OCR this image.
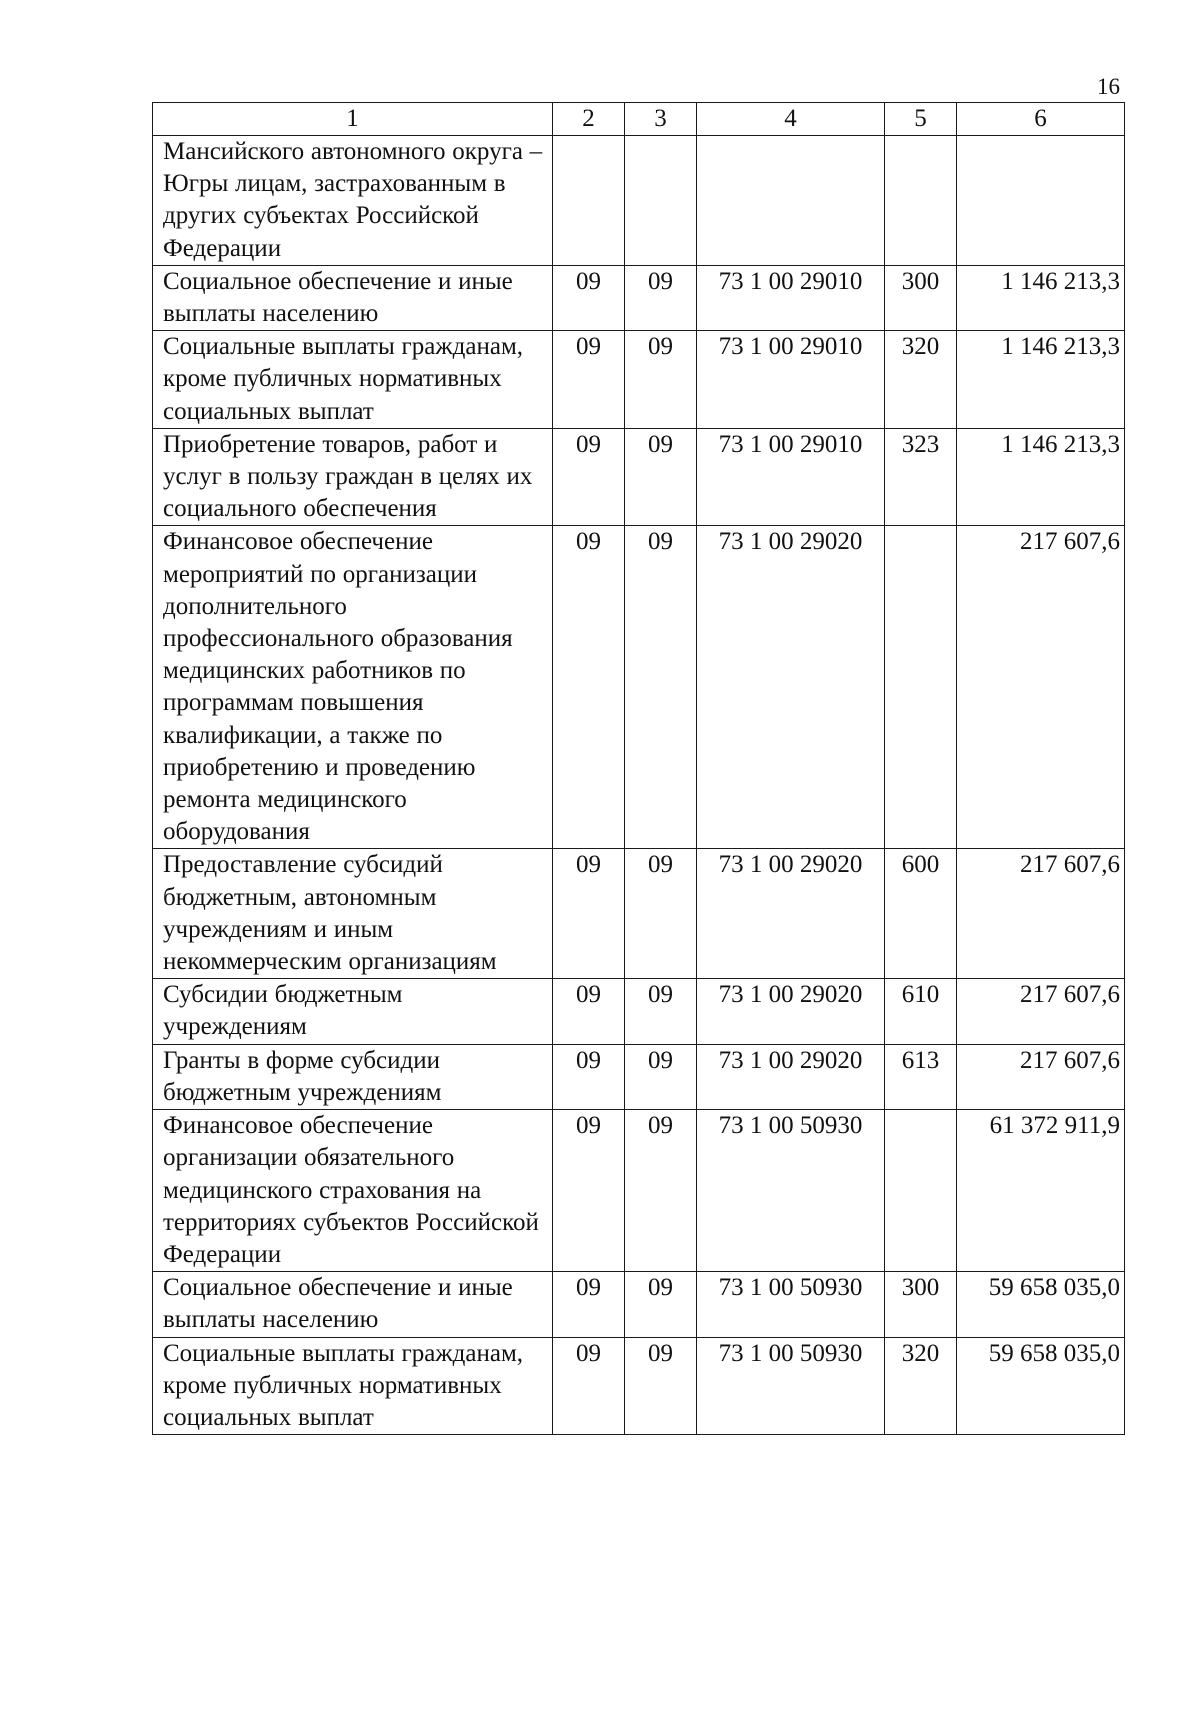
16
1	2	3	4	5	6
Мансийского автономного округа – Югры лицам, застрахованным в других субъектах Российской Федерации					
Социальное обеспечение и иные выплаты населению	09	09	73 1 00 29010	300	1 146 213,3
Социальные выплаты гражданам, кроме публичных нормативных социальных выплат	09	09	73 1 00 29010	320	1 146 213,3
Приобретение товаров, работ и услуг в пользу граждан в целях их социального обеспечения	09	09	73 1 00 29010	323	1 146 213,3
Финансовое обеспечение мероприятий по организации дополнительного профессионального образования медицинских работников по программам повышения квалификации, а также по приобретению и проведению ремонта медицинского оборудования	09	09	73 1 00 29020		217 607,6
Предоставление субсидий бюджетным, автономным учреждениям и иным некоммерческим организациям	09	09	73 1 00 29020	600	217 607,6
Субсидии бюджетным учреждениям	09	09	73 1 00 29020	610	217 607,6
Гранты в форме субсидии бюджетным учреждениям	09	09	73 1 00 29020	613	217 607,6
Финансовое обеспечение организации обязательного медицинского страхования на территориях субъектов Российской Федерации	09	09	73 1 00 50930		61 372 911,9
Социальное обеспечение и иные выплаты населению	09	09	73 1 00 50930	300	59 658 035,0
Социальные выплаты гражданам, кроме публичных нормативных социальных выплат	09	09	73 1 00 50930	320	59 658 035,0
